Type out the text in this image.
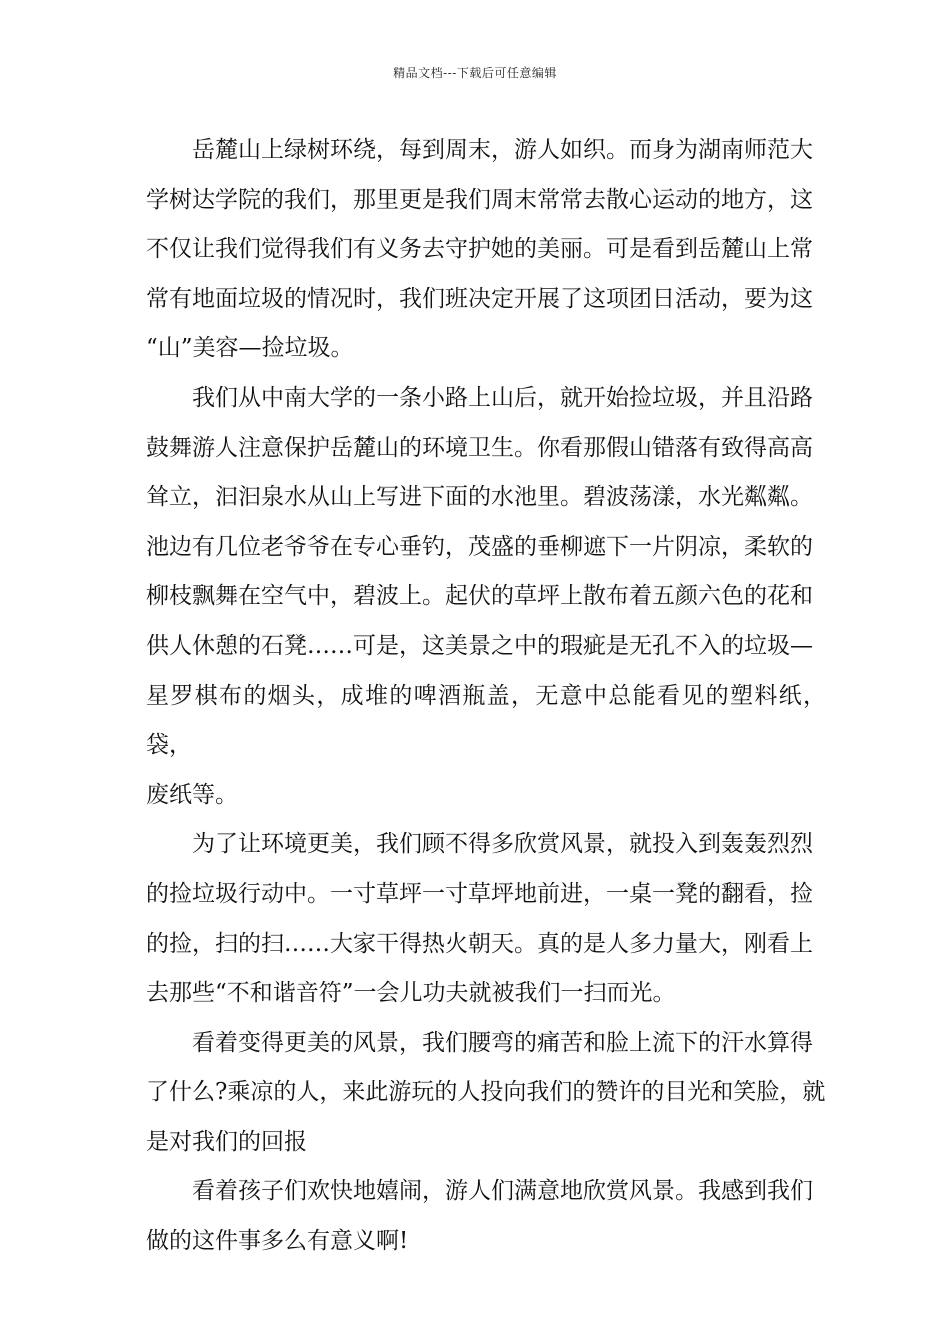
精品文档---下载后可任意编辑
岳麓山上绿树环绕，每到周末，游人如织。而身为湖南师范大
学树达学院的我们，那里更是我们周末常常去散心运动的地方，这
不仅让我们觉得我们有义务去守护她的美丽。可是看到岳麓山上常
常有地面垃圾的情况时，我们班决定开展了这项团日活动，要为这
“山”美容—捡垃圾。
我们从中南大学的一条小路上山后，就开始捡垃圾，并且沿路
鼓舞游人注意保护岳麓山的环境卫生。你看那假山错落有致得高高
耸立，汩汩泉水从山上写进下面的水池里。碧波荡漾，水光粼粼。
池边有几位老爷爷在专心垂钓，茂盛的垂柳遮下一片阴凉，柔软的
柳枝飘舞在空气中，碧波上。起伏的草坪上散布着五颜六色的花和
供人休憩的石凳……可是，这美景之中的瑕疵是无孔不入的垃圾—
星罗棋布的烟头，成堆的啤酒瓶盖，无意中总能看见的塑料纸，袋，
废纸等。
为了让环境更美，我们顾不得多欣赏风景，就投入到轰轰烈烈
的捡垃圾行动中。一寸草坪一寸草坪地前进，一桌一凳的翻看，捡
的捡，扫的扫……大家干得热火朝天。真的是人多力量大，刚看上
去那些“不和谐音符”一会儿功夫就被我们一扫而光。
看着变得更美的风景，我们腰弯的痛苦和脸上流下的汗水算得
了什么?乘凉的人，来此游玩的人投向我们的赞许的目光和笑脸，就
是对我们的回报
看着孩子们欢快地嬉闹，游人们满意地欣赏风景。我感到我们
做的这件事多么有意义啊!
